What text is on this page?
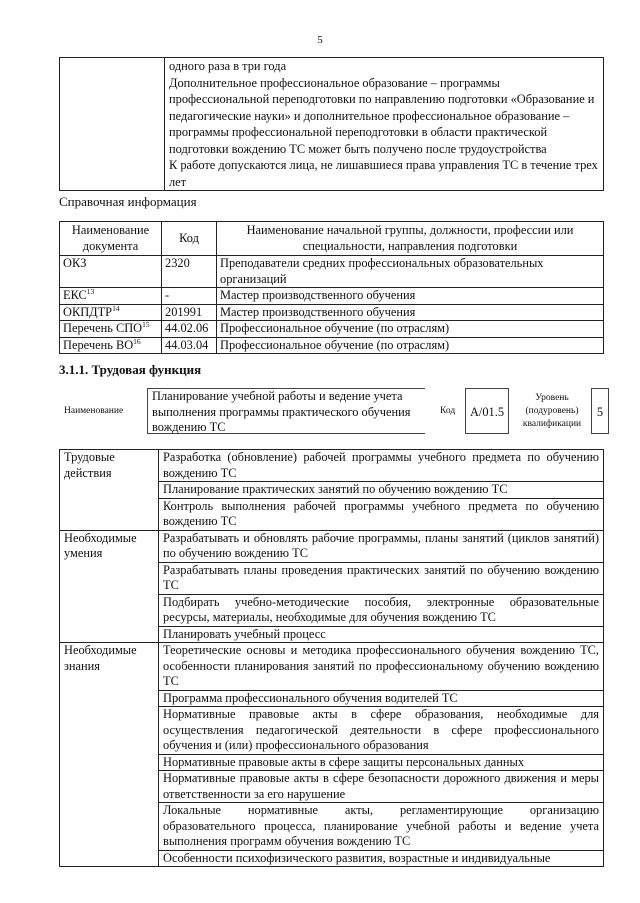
5

одного раза в три года
Дополнительное профессиональное образование – программы профессиональной переподготовки по направлению подготовки «Образование и педагогические науки» и дополнительное профессиональное образование – программы профессиональной переподготовки в области практической подготовки вождению ТС может быть получено после трудоустройства
К работе допускаются лица, не лишавшиеся права управления ТС в течение трех лет
Справочная информация
Наименование документа	Код	Наименование начальной группы, должности, профессии или специальности, направления подготовки
ОКЗ	2320	Преподаватели средних профессиональных образовательных организаций
ЕКС$^{13}$	-	Мастер производственного обучения
ОКПДТР$^{14}$	201991	Мастер производственного обучения
Перечень СПО$^{15}$	44.02.06	Профессиональное обучение (по отраслям)
Перечень ВО$^{16}$	44.03.04	Профессиональное обучение (по отраслям)
3.1.1. Трудовая функция
Наименование
Планирование учебной работы и ведение учета выполнения программы практического обучения вождению ТС
Код	А/01.5
Уровень (подуровень) квалификации
5
Трудовые действия	Разработка (обновление) рабочей программы учебного предмета по обучению вождению ТС
	Планирование практических занятий по обучению вождению ТС
	Контроль выполнения рабочей программы учебного предмета по обучению вождению ТС
Необходимые умения	Разрабатывать и обновлять рабочие программы, планы занятий (циклов занятий) по обучению вождению ТС
	Разрабатывать планы проведения практических занятий по обучению вождению ТС
	Подбирать учебно-методические пособия, электронные образовательные ресурсы, материалы, необходимые для обучения вождению ТС
	Планировать учебный процесс
Необходимые знания	Теоретические основы и методика профессионального обучения вождению ТС, особенности планирования занятий по профессиональному обучению вождению ТС
	Программа профессионального обучения водителей ТС
	Нормативные правовые акты в сфере образования, необходимые для осуществления педагогической деятельности в сфере профессионального обучения и (или) профессионального образования
	Нормативные правовые акты в сфере защиты персональных данных
	Нормативные правовые акты в сфере безопасности дорожного движения и меры ответственности за его нарушение
	Локальные нормативные акты, регламентирующие организацию образовательного процесса, планирование учебной работы и ведение учета выполнения программ обучения вождению ТС
	Особенности психофизического развития, возрастные и индивидуальные
